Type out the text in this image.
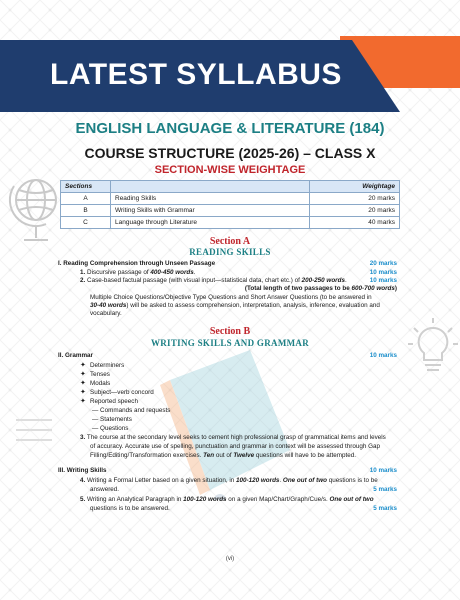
LATEST SYLLABUS
ENGLISH LANGUAGE & LITERATURE (184)
COURSE STRUCTURE (2025-26) – CLASS X
SECTION-WISE WEIGHTAGE
Sections		Weightage
A	Reading Skills	20 marks
B	Writing Skills with Grammar	20 marks
C	Language through Literature	40 marks
Section A
READING SKILLS
I. Reading Comprehension through Unseen Passage	20 marks
1. Discursive passage of 400-450 words.	10 marks
2. Case-based factual passage (with visual input—statistical data, chart etc.) of 200-250 words.	10 marks
(Total length of two passages to be 600-700 words)
Multiple Choice Questions/Objective Type Questions and Short Answer Questions (to be answered in
30-40 words) will be asked to assess comprehension, interpretation, analysis, inference, evaluation and
vocabulary.
Section B
WRITING SKILLS AND GRAMMAR
II. Grammar	10 marks
✦ Determiners
✦ Tenses
✦ Modals
✦ Subject—verb concord
✦ Reported speech
— Commands and requests
— Statements
— Questions
3. The course at the secondary level seeks to cement high professional grasp of grammatical items and levels
of accuracy. Accurate use of spelling, punctuation and grammar in context will be assessed through Gap
Filling/Editing/Transformation exercises. Ten out of Twelve questions will have to be attempted.
III. Writing Skills	10 marks
4. Writing a Formal Letter based on a given situation, in 100-120 words. One out of two questions is to be
answered.	5 marks
5. Writing an Analytical Paragraph in 100-120 words on a given Map/Chart/Graph/Cue/s. One out of two
questions is to be answered.	5 marks
(vi)
